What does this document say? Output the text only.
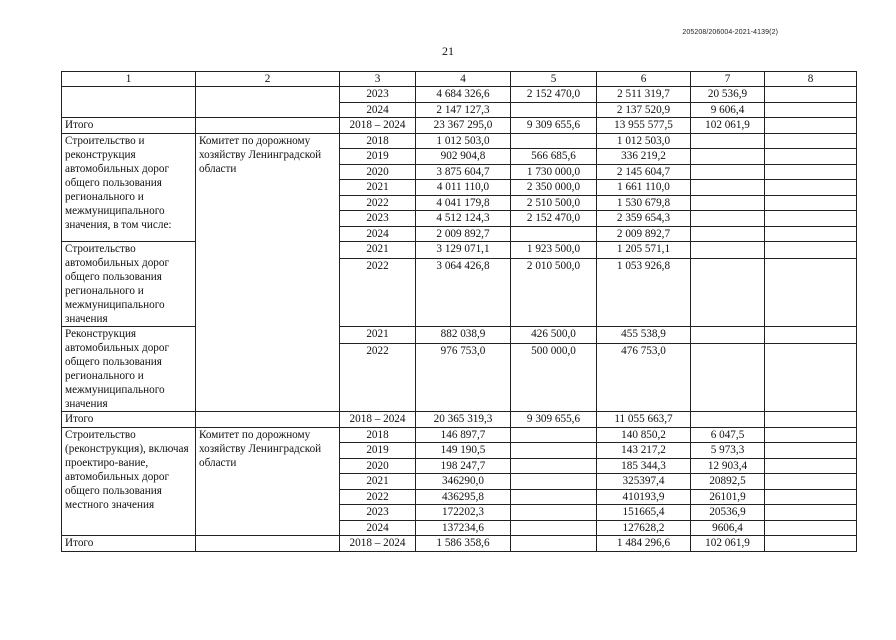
205208/206004-2021-4139(2)
21
1	2	3	4	5	6	7	8
		2023	4 684 326,6	2 152 470,0	2 511 319,7	20 536,9	
		2024	2 147 127,3		2 137 520,9	9 606,4	
Итого		2018 – 2024	23 367 295,0	9 309 655,6	13 955 577,5	102 061,9	
Строительство и реконструкция автомобильных дорог общего пользования регионального и межмуниципального значения, в том числе:	Комитет по дорожному хозяйству Ленинградской области	2018	1 012 503,0		1 012 503,0		
		2019	902 904,8	566 685,6	336 219,2		
		2020	3 875 604,7	1 730 000,0	2 145 604,7		
		2021	4 011 110,0	2 350 000,0	1 661 110,0		
		2022	4 041 179,8	2 510 500,0	1 530 679,8		
		2023	4 512 124,3	2 152 470,0	2 359 654,3		
		2024	2 009 892,7		2 009 892,7		
Строительство автомобильных дорог общего пользования регионального и межмуниципального значения		2021	3 129 071,1	1 923 500,0	1 205 571,1		
		2022	3 064 426,8	2 010 500,0	1 053 926,8		
Реконструкция автомобильных дорог общего пользования регионального и межмуниципального значения		2021	882 038,9	426 500,0	455 538,9		
		2022	976 753,0	500 000,0	476 753,0		
Итого		2018 – 2024	20 365 319,3	9 309 655,6	11 055 663,7		
Строительство (реконструкция), включая проектиро-вание, автомобильных дорог общего пользования местного значения	Комитет по дорожному хозяйству Ленинградской области	2018	146 897,7		140 850,2	6 047,5	
		2019	149 190,5		143 217,2	5 973,3	
		2020	198 247,7		185 344,3	12 903,4	
		2021	346290,0		325397,4	20892,5	
		2022	436295,8		410193,9	26101,9	
		2023	172202,3		151665,4	20536,9	
		2024	137234,6		127628,2	9606,4	
Итого		2018 – 2024	1 586 358,6		1 484 296,6	102 061,9	
